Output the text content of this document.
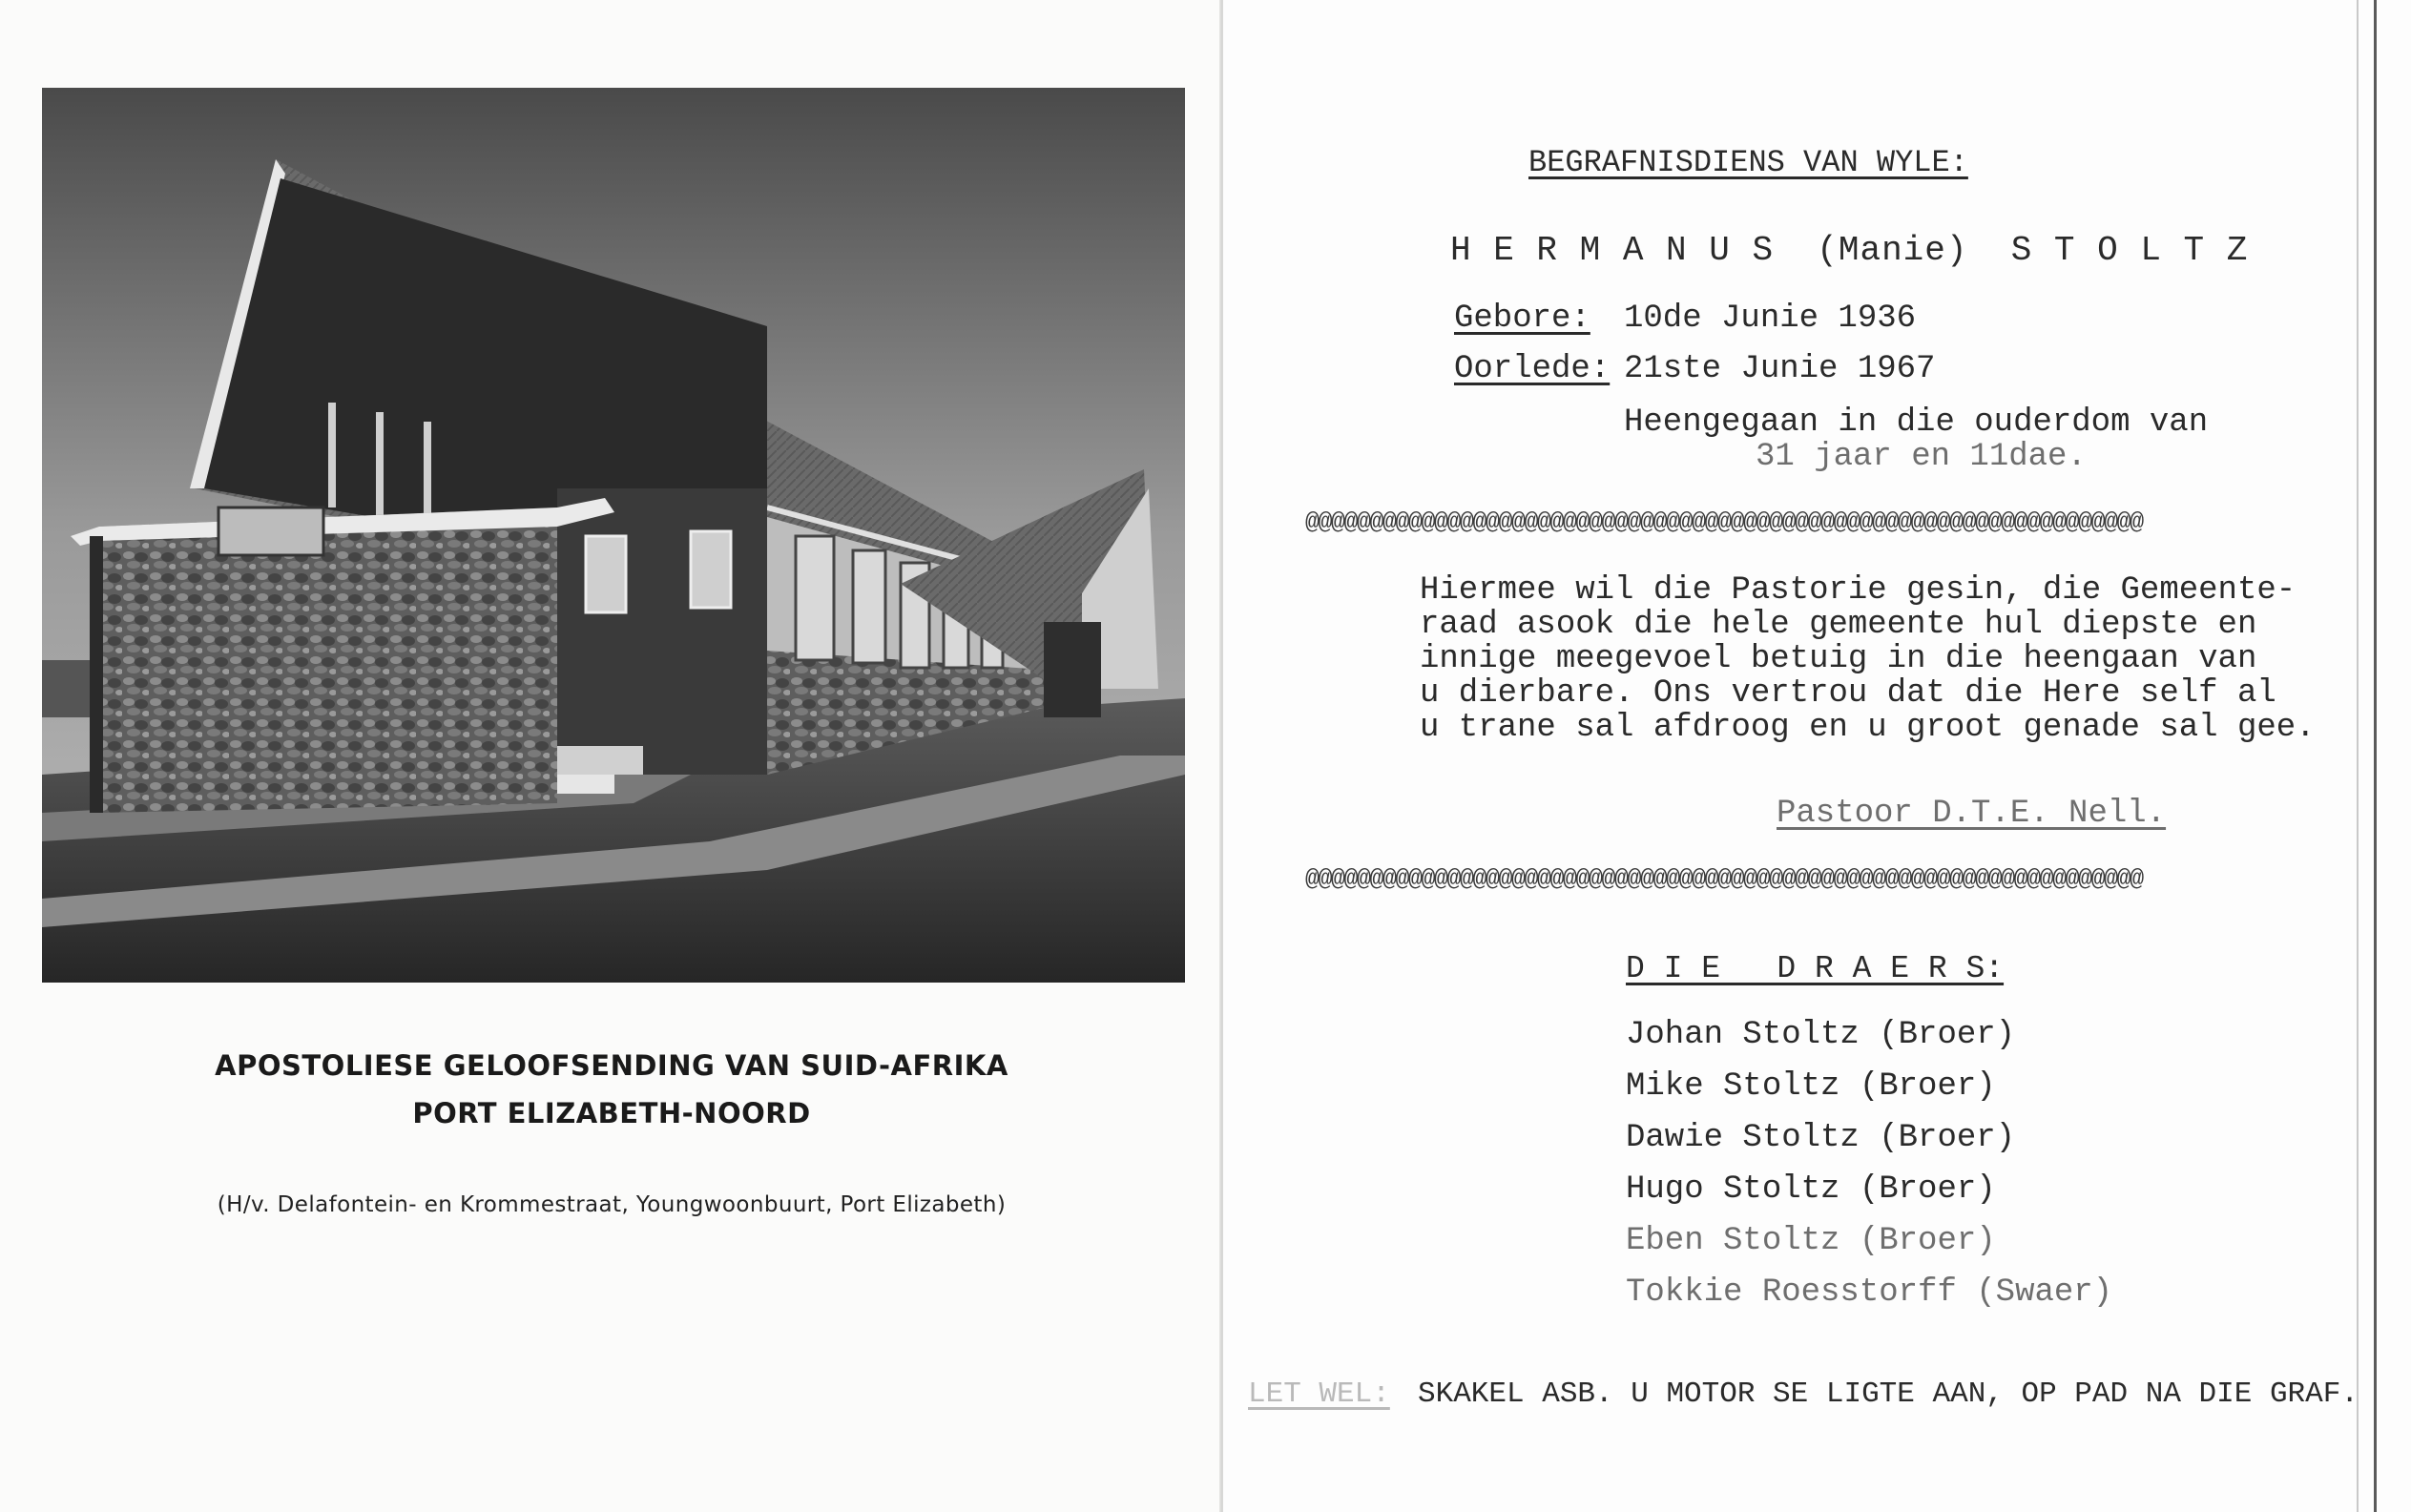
APOSTOLIESE GELOOFSENDING VAN SUID-AFRIKA
PORT ELIZABETH-NOORD
(H/v. Delafontein- en Krommestraat, Youngwoonbuurt, Port Elizabeth)
BEGRAFNISDIENS VAN WYLE:
H E R M A N U S  (Manie)  S T O L T Z
Gebore: 10de Junie 1936
Oorlede: 21ste Junie 1967
Heengegaan in die ouderdom van
31 jaar en 11dae.
@@@@@@@@@@@@@@@@@@@@@@@@@@@@@@@@@@@@@@@@@@@@@@@@@@@@@@@@@@@@@@@@@
Hiermee wil die Pastorie gesin, die Gemeente-
raad asook die hele gemeente hul diepste en
innige meegevoel betuig in die heengaan van
u dierbare. Ons vertrou dat die Here self al
u trane sal afdroog en u groot genade sal gee.
Pastoor D.T.E. Nell.
@@@@@@@@@@@@@@@@@@@@@@@@@@@@@@@@@@@@@@@@@@@@@@@@@@@@@@@@@@@@@@@@@
D I E   D R A E R S:
Johan Stoltz (Broer)
Mike Stoltz (Broer)
Dawie Stoltz (Broer)
Hugo Stoltz (Broer)
Eben Stoltz (Broer)
Tokkie Roesstorff (Swaer)
LET WEL: SKAKEL ASB. U MOTOR SE LIGTE AAN, OP PAD NA DIE GRAF.
